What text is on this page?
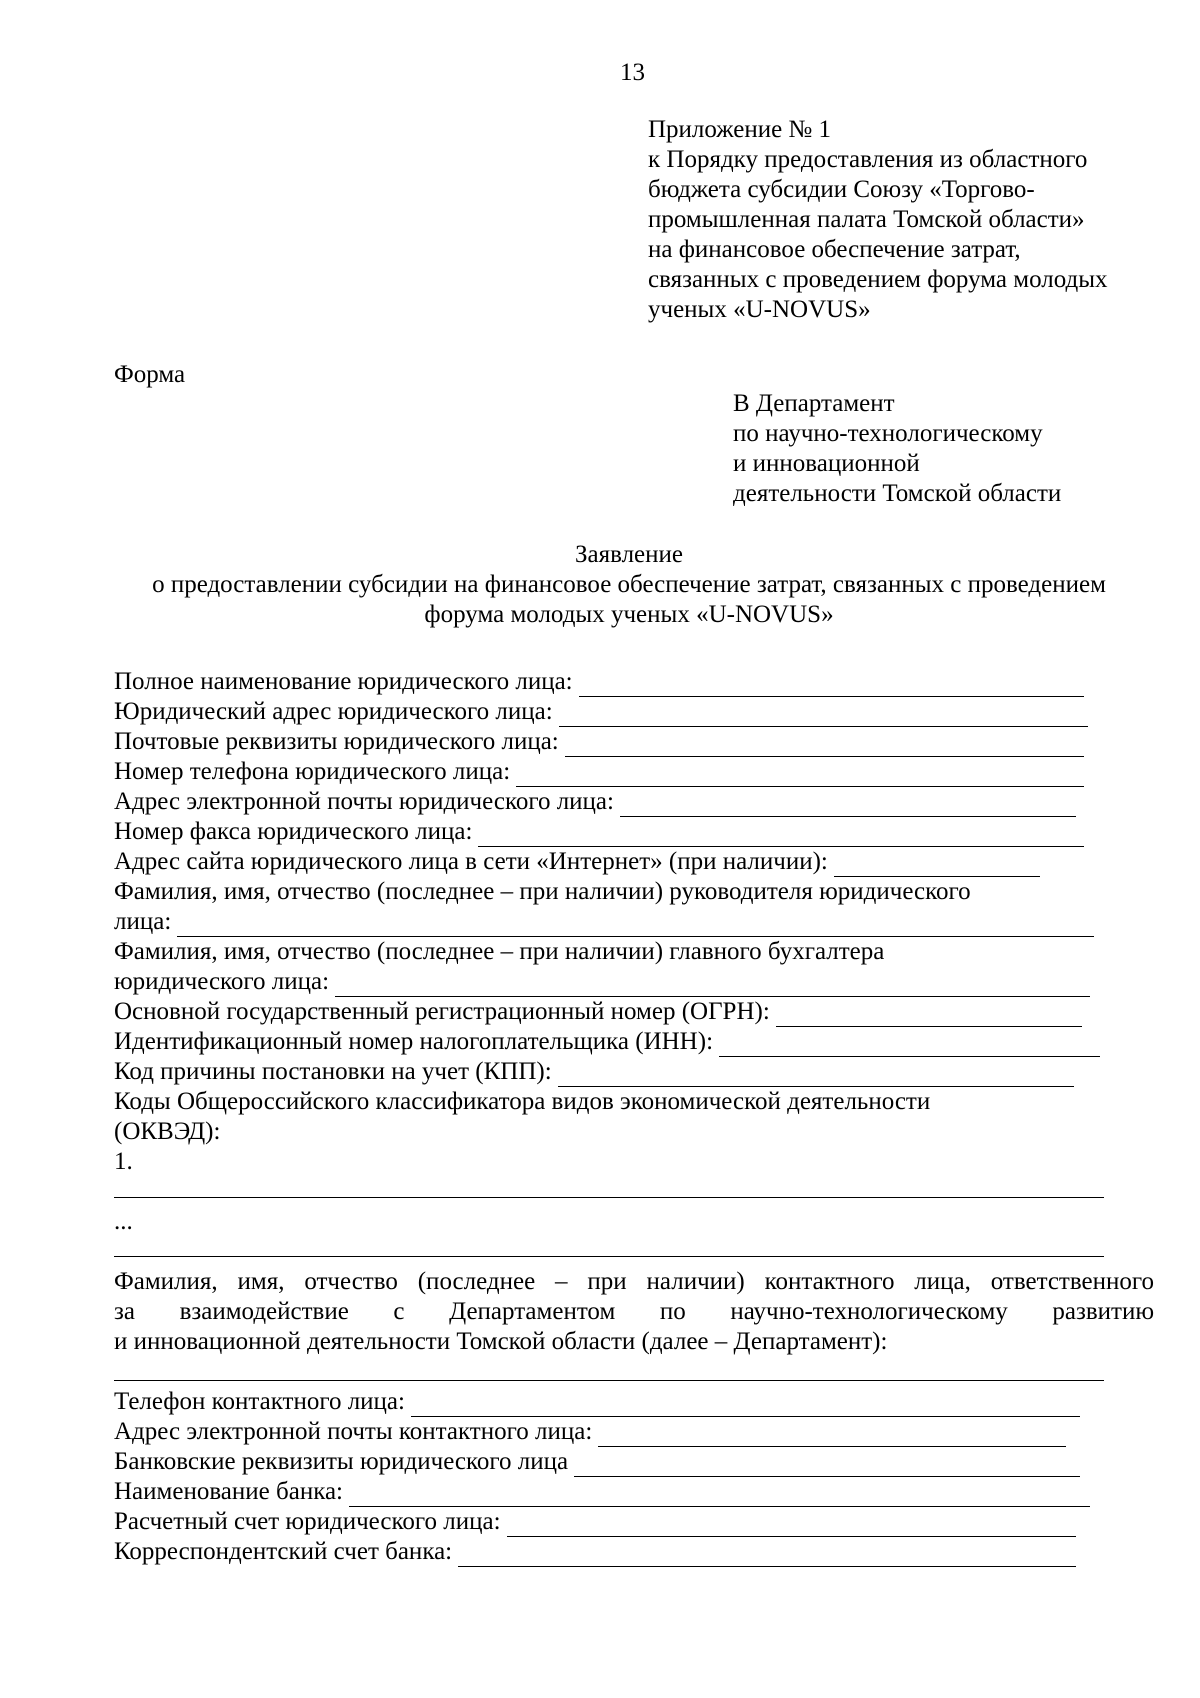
13
Приложение № 1
к Порядку предоставления из областного
бюджета субсидии Союзу «Торгово-
промышленная палата Томской области»
на финансовое обеспечение затрат,
связанных с проведением форума молодых
ученых «U-NOVUS»
Форма
В Департамент
по научно-технологическому
и инновационной
деятельности Томской области
Заявление
о предоставлении субсидии на финансовое обеспечение затрат, связанных с проведением
форума молодых ученых «U-NOVUS»
Полное наименование юридического лица:
Юридический адрес юридического лица:
Почтовые реквизиты юридического лица:
Номер телефона юридического лица:
Адрес электронной почты юридического лица:
Номер факса юридического лица:
Адрес сайта юридического лица в сети «Интернет» (при наличии):
Фамилия, имя, отчество (последнее – при наличии) руководителя юридического
лица:
Фамилия, имя, отчество (последнее – при наличии) главного бухгалтера
юридического лица:
Основной государственный регистрационный номер (ОГРН):
Идентификационный номер налогоплательщика (ИНН):
Код причины постановки на учет (КПП):
Коды Общероссийского классификатора видов экономической деятельности
(ОКВЭД):
1.
...
Фамилия, имя, отчество (последнее – при наличии) контактного лица, ответственного
за взаимодействие с Департаментом по научно-технологическому развитию
и инновационной деятельности Томской области (далее – Департамент):
Телефон контактного лица:
Адрес электронной почты контактного лица:
Банковские реквизиты юридического лица
Наименование банка:
Расчетный счет юридического лица:
Корреспондентский счет банка:
